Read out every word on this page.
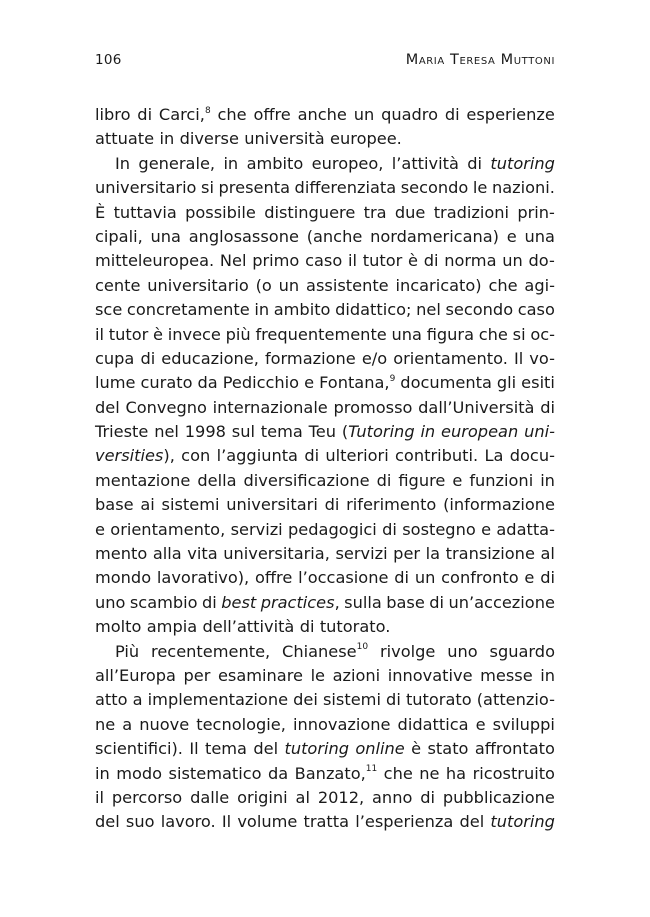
106	Maria Teresa Muttoni
libro di Carci,$^8$ che offre anche un quadro di esperienze
attuate in diverse università europee.
In generale, in ambito europeo, l’attività di tutoring
universitario si presenta differenziata secondo le nazioni.
È tuttavia possibile distinguere tra due tradizioni prin-
cipali, una anglosassone (anche nordamericana) e una
mitteleuropea. Nel primo caso il tutor è di norma un do-
cente universitario (o un assistente incaricato) che agi-
sce concretamente in ambito didattico; nel secondo caso
il tutor è invece più frequentemente una figura che si oc-
cupa di educazione, formazione e/o orientamento. Il vo-
lume curato da Pedicchio e Fontana,$^9$ documenta gli esiti
del Convegno internazionale promosso dall’Università di
Trieste nel 1998 sul tema Teu (Tutoring in european uni-
versities), con l’aggiunta di ulteriori contributi. La docu-
mentazione della diversificazione di figure e funzioni in
base ai sistemi universitari di riferimento (informazione
e orientamento, servizi pedagogici di sostegno e adatta-
mento alla vita universitaria, servizi per la transizione al
mondo lavorativo), offre l’occasione di un confronto e di
uno scambio di best practices, sulla base di un’accezione
molto ampia dell’attività di tutorato.
Più recentemente, Chianese$^{10}$ rivolge uno sguardo
all’Europa per esaminare le azioni innovative messe in
atto a implementazione dei sistemi di tutorato (attenzio-
ne a nuove tecnologie, innovazione didattica e sviluppi
scientifici). Il tema del tutoring online è stato affrontato
in modo sistematico da Banzato,$^{11}$ che ne ha ricostruito
il percorso dalle origini al 2012, anno di pubblicazione
del suo lavoro. Il volume tratta l’esperienza del tutoring
